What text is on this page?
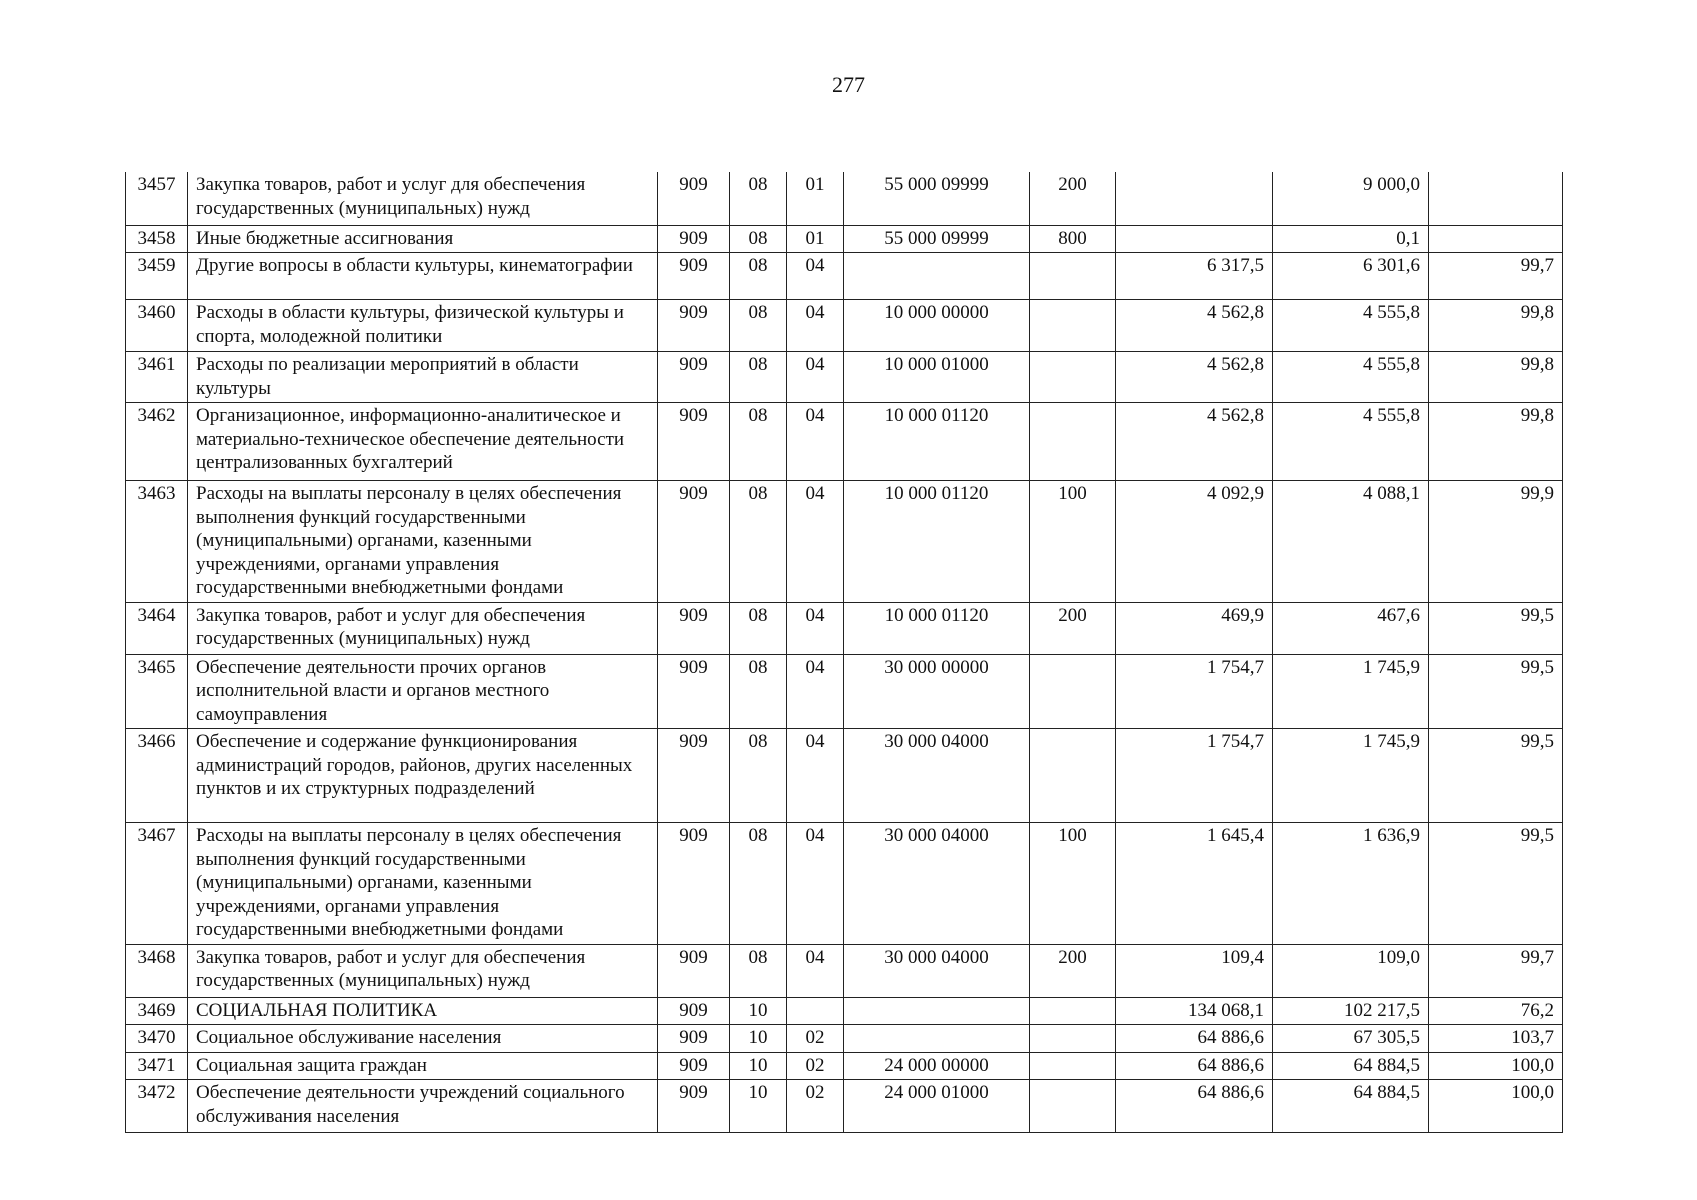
277
3457	Закупка товаров, работ и услуг для обеспечения государственных (муниципальных) нужд	909	08	01	55 000 09999	200		9 000,0	
3458	Иные бюджетные ассигнования	909	08	01	55 000 09999	800		0,1	
3459	Другие вопросы в области культуры, кинематографии	909	08	04			6 317,5	6 301,6	99,7
3460	Расходы в области культуры, физической культуры и спорта, молодежной политики	909	08	04	10 000 00000		4 562,8	4 555,8	99,8
3461	Расходы по реализации мероприятий в области культуры	909	08	04	10 000 01000		4 562,8	4 555,8	99,8
3462	Организационное, информационно-аналитическое и материально-техническое обеспечение деятельности централизованных бухгалтерий	909	08	04	10 000 01120		4 562,8	4 555,8	99,8
3463	Расходы на выплаты персоналу в целях обеспечения выполнения функций государственными (муниципальными) органами, казенными учреждениями, органами управления государственными внебюджетными фондами	909	08	04	10 000 01120	100	4 092,9	4 088,1	99,9
3464	Закупка товаров, работ и услуг для обеспечения государственных (муниципальных) нужд	909	08	04	10 000 01120	200	469,9	467,6	99,5
3465	Обеспечение деятельности прочих органов исполнительной власти и органов местного самоуправления	909	08	04	30 000 00000		1 754,7	1 745,9	99,5
3466	Обеспечение и содержание функционирования администраций городов, районов, других населенных пунктов и их структурных подразделений	909	08	04	30 000 04000		1 754,7	1 745,9	99,5
3467	Расходы на выплаты персоналу в целях обеспечения выполнения функций государственными (муниципальными) органами, казенными учреждениями, органами управления государственными внебюджетными фондами	909	08	04	30 000 04000	100	1 645,4	1 636,9	99,5
3468	Закупка товаров, работ и услуг для обеспечения государственных (муниципальных) нужд	909	08	04	30 000 04000	200	109,4	109,0	99,7
3469	СОЦИАЛЬНАЯ ПОЛИТИКА	909	10				134 068,1	102 217,5	76,2
3470	Социальное обслуживание населения	909	10	02			64 886,6	67 305,5	103,7
3471	Социальная защита граждан	909	10	02	24 000 00000		64 886,6	64 884,5	100,0
3472	Обеспечение деятельности учреждений социального обслуживания населения	909	10	02	24 000 01000		64 886,6	64 884,5	100,0
